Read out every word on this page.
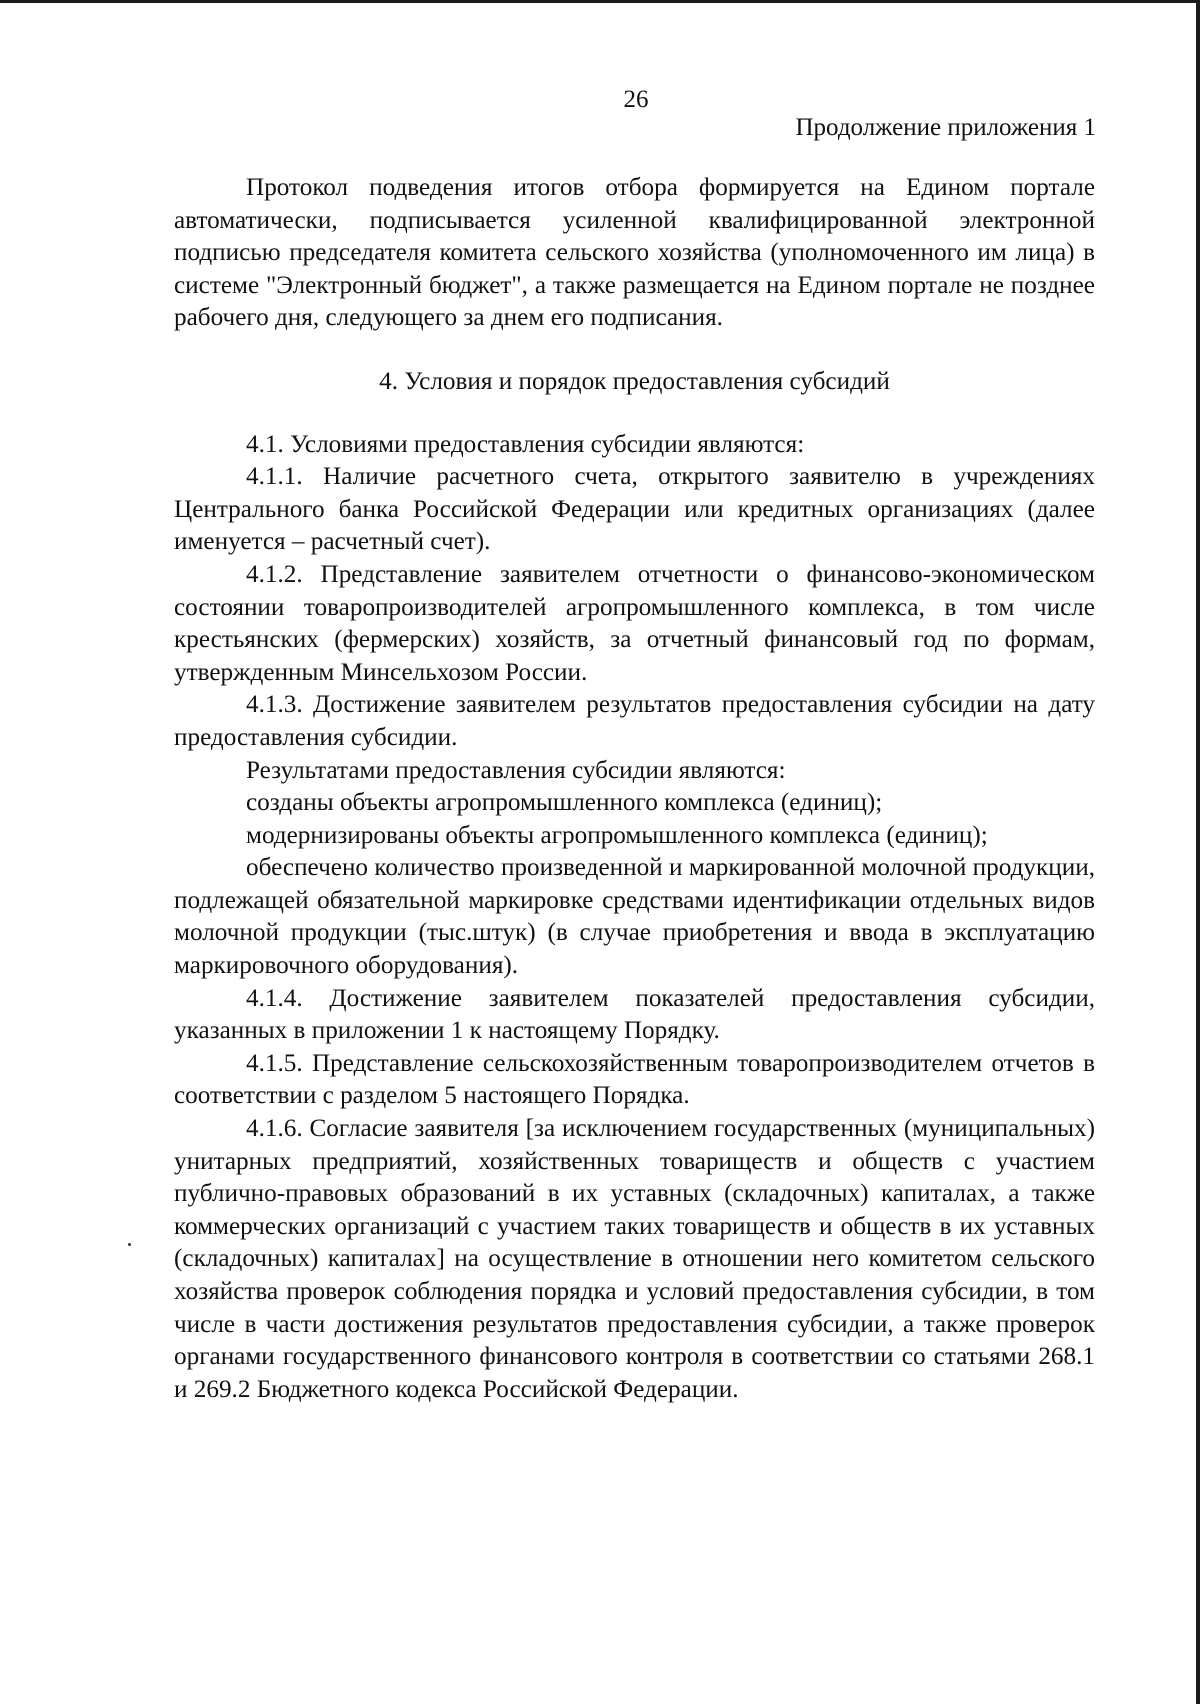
26
Продолжение приложения 1

Протокол подведения итогов отбора формируется на Едином портале автоматически, подписывается усиленной квалифицированной электронной подписью председателя комитета сельского хозяйства (уполномоченного им лица) в системе "Электронный бюджет", а также размещается на Едином портале не позднее рабочего дня, следующего за днем его подписания.

4. Условия и порядок предоставления субсидий

4.1. Условиями предоставления субсидии являются:

4.1.1. Наличие расчетного счета, открытого заявителю в учреждениях Центрального банка Российской Федерации или кредитных организациях (далее именуется – расчетный счет).

4.1.2. Представление заявителем отчетности о финансово-экономическом состоянии товаропроизводителей агропромышленного комплекса, в том числе крестьянских (фермерских) хозяйств, за отчетный финансовый год по формам, утвержденным Минсельхозом России.

4.1.3. Достижение заявителем результатов предоставления субсидии на дату предоставления субсидии.

Результатами предоставления субсидии являются:

созданы объекты агропромышленного комплекса (единиц);

модернизированы объекты агропромышленного комплекса (единиц);

обеспечено количество произведенной и маркированной молочной продукции, подлежащей обязательной маркировке средствами идентификации отдельных видов молочной продукции (тыс.штук) (в случае приобретения и ввода в эксплуатацию маркировочного оборудования).

4.1.4. Достижение заявителем показателей предоставления субсидии, указанных в приложении 1 к настоящему Порядку.

4.1.5. Представление сельскохозяйственным товаропроизводителем отчетов в соответствии с разделом 5 настоящего Порядка.

4.1.6. Согласие заявителя [за исключением государственных (муниципальных) унитарных предприятий, хозяйственных товариществ и обществ с участием публично-правовых образований в их уставных (складочных) капиталах, а также коммерческих организаций с участием таких товариществ и обществ в их уставных (складочных) капиталах] на осуществление в отношении него комитетом сельского хозяйства проверок соблюдения порядка и условий предоставления субсидии, в том числе в части достижения результатов предоставления субсидии, а также проверок органами государственного финансового контроля в соответствии со статьями 268.1 и 269.2 Бюджетного кодекса Российской Федерации.
